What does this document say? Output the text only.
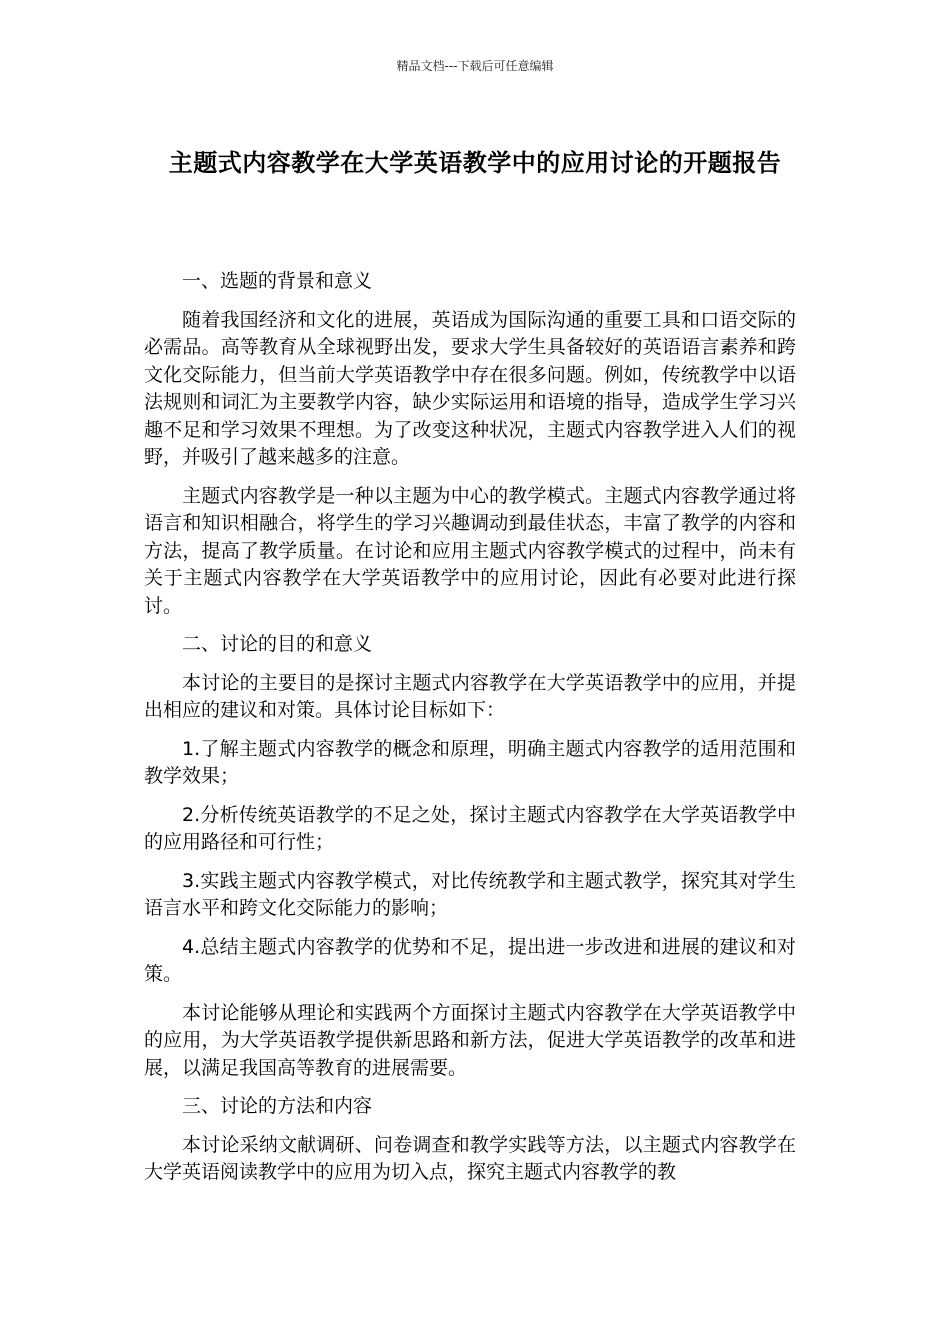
精品文档---下载后可任意编辑
主题式内容教学在大学英语教学中的应用讨论的开题报告

一、选题的背景和意义

随着我国经济和文化的进展，英语成为国际沟通的重要工具和口语交际的必需品。高等教育从全球视野出发，要求大学生具备较好的英语语言素养和跨文化交际能力，但当前大学英语教学中存在很多问题。例如，传统教学中以语法规则和词汇为主要教学内容，缺少实际运用和语境的指导，造成学生学习兴趣不足和学习效果不理想。为了改变这种状况，主题式内容教学进入人们的视野，并吸引了越来越多的注意。

主题式内容教学是一种以主题为中心的教学模式。主题式内容教学通过将语言和知识相融合，将学生的学习兴趣调动到最佳状态，丰富了教学的内容和方法，提高了教学质量。在讨论和应用主题式内容教学模式的过程中，尚未有关于主题式内容教学在大学英语教学中的应用讨论，因此有必要对此进行探讨。

二、讨论的目的和意义

本讨论的主要目的是探讨主题式内容教学在大学英语教学中的应用，并提出相应的建议和对策。具体讨论目标如下：

1.了解主题式内容教学的概念和原理，明确主题式内容教学的适用范围和教学效果；

2.分析传统英语教学的不足之处，探讨主题式内容教学在大学英语教学中的应用路径和可行性；

3.实践主题式内容教学模式，对比传统教学和主题式教学，探究其对学生语言水平和跨文化交际能力的影响；

4.总结主题式内容教学的优势和不足，提出进一步改进和进展的建议和对策。

本讨论能够从理论和实践两个方面探讨主题式内容教学在大学英语教学中的应用，为大学英语教学提供新思路和新方法，促进大学英语教学的改革和进展，以满足我国高等教育的进展需要。

三、讨论的方法和内容

本讨论采纳文献调研、问卷调查和教学实践等方法，以主题式内容教学在大学英语阅读教学中的应用为切入点，探究主题式内容教学的教
